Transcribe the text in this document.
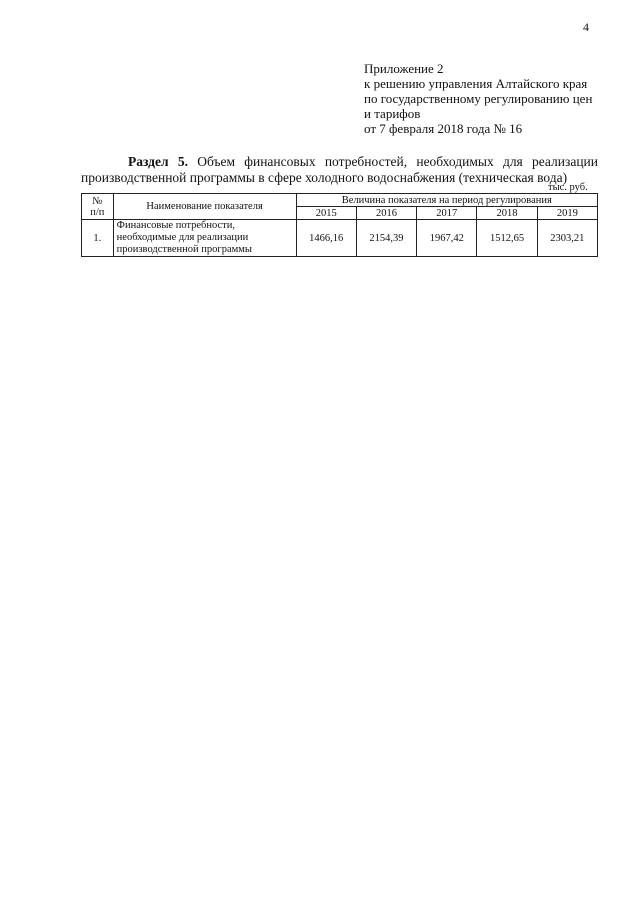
4
Приложение 2
к решению управления Алтайского края
по государственному регулированию цен
и тарифов
от 7 февраля 2018 года № 16
Раздел 5. Объем финансовых потребностей, необходимых для реализации производственной программы в сфере холодного водоснабжения (техническая вода)
тыс. руб.
№
п/п	Наименование показателя	Величина показателя на период регулирования				
		2015	2016	2017	2018	2019
1.	Финансовые потребности, необходимые для реализации производственной программы	1466,16	2154,39	1967,42	1512,65	2303,21
